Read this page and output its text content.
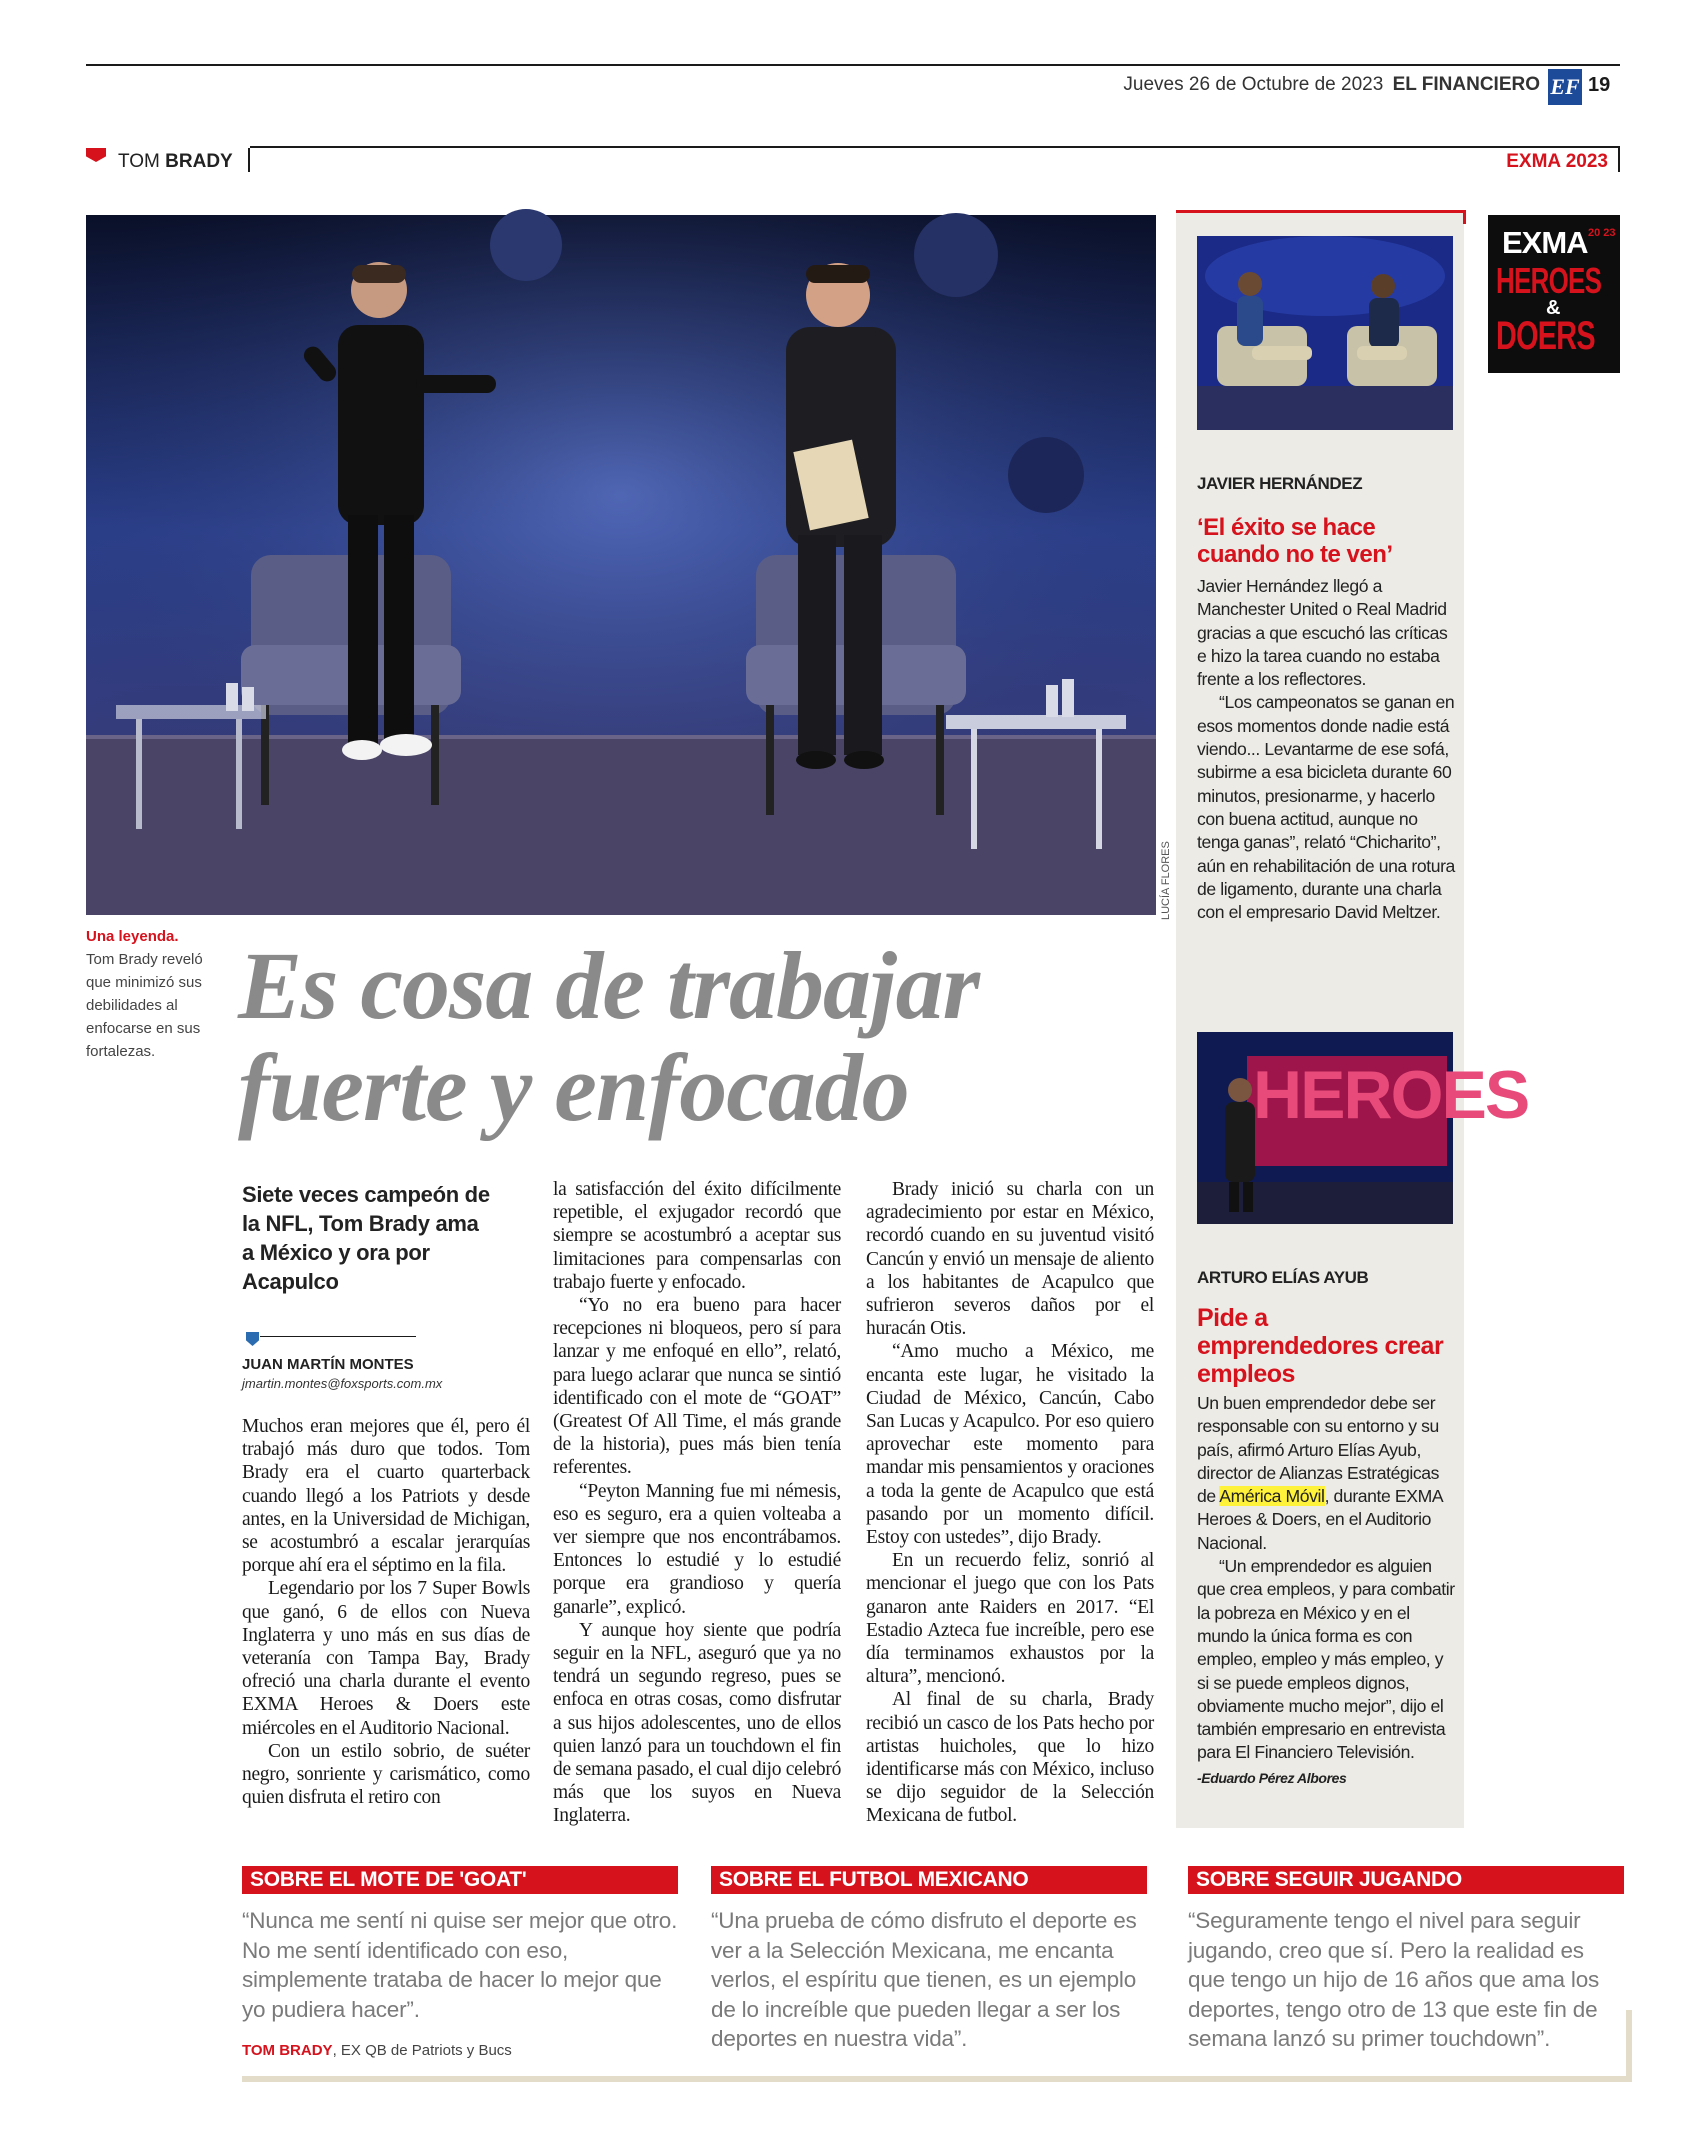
Jueves 26 de Octubre de 2023 EL FINANCIERO EF 19
TOM BRADY	EXMA 2023
LUCÍA FLORES
Una leyenda.
Tom Brady reveló que minimizó sus debilidades al enfocarse en sus fortalezas.
Es cosa de trabajar
fuerte y enfocado
Siete veces campeón de la NFL, Tom Brady ama a México y ora por Acapulco
JUAN MARTÍN MONTES
jmartin.montes@foxsports.com.mx

Muchos eran mejores que él, pero él trabajó más duro que todos. Tom Brady era el cuarto quarterback cuando llegó a los Patriots y desde antes, en la Universidad de Michigan, se acostumbró a escalar jerarquías porque ahí era el séptimo en la fila.

Legendario por los 7 Super Bowls que ganó, 6 de ellos con Nueva Inglaterra y uno más en sus días de veteranía con Tampa Bay, Brady ofreció una charla durante el evento EXMA Heroes & Doers este miércoles en el Auditorio Nacional.

Con un estilo sobrio, de suéter negro, sonriente y carismático, como quien disfruta el retiro con

la satisfacción del éxito difícilmente repetible, el exjugador recordó que siempre se acostumbró a aceptar sus limitaciones para compensarlas con trabajo fuerte y enfocado.

“Yo no era bueno para hacer recepciones ni bloqueos, pero sí para lanzar y me enfoqué en ello”, relató, para luego aclarar que nunca se sintió identificado con el mote de “GOAT” (Greatest Of All Time, el más grande de la historia), pues más bien tenía referentes.

“Peyton Manning fue mi némesis, eso es seguro, era a quien volteaba a ver siempre que nos encontrábamos. Entonces lo estudié y lo estudié porque era grandioso y quería ganarle”, explicó.

Y aunque hoy siente que podría seguir en la NFL, aseguró que ya no tendrá un segundo regreso, pues se enfoca en otras cosas, como disfrutar a sus hijos adolescentes, uno de ellos quien lanzó para un touchdown el fin de semana pasado, el cual dijo celebró más que los suyos en Nueva Inglaterra.

Brady inició su charla con un agradecimiento por estar en México, recordó cuando en su juventud visitó Cancún y envió un mensaje de aliento a los habitantes de Acapulco que sufrieron severos daños por el huracán Otis.

“Amo mucho a México, me encanta este lugar, he visitado la Ciudad de México, Cancún, Cabo San Lucas y Acapulco. Por eso quiero aprovechar este momento para mandar mis pensamientos y oraciones a toda la gente de Acapulco que está pasando por un momento difícil. Estoy con ustedes”, dijo Brady.

En un recuerdo feliz, sonrió al mencionar el juego que con los Pats ganaron ante Raiders en 2017. “El Estadio Azteca fue increíble, pero ese día terminamos exhaustos por la altura”, mencionó.

Al final de su charla, Brady recibió un casco de los Pats hecho por artistas huicholes, que lo hizo identificarse más con México, incluso se dijo seguidor de la Selección Mexicana de futbol.

EXMA 20 23
HEROES
&
DOERS
JAVIER HERNÁNDEZ
‘El éxito se hace cuando no te ven’

Javier Hernández llegó a Manchester United o Real Madrid gracias a que escuchó las críticas e hizo la tarea cuando no estaba frente a los reflectores.

“Los campeonatos se ganan en esos momentos donde nadie está viendo... Levantarme de ese sofá, subirme a esa bicicleta durante 60 minutos, presionarme, y hacerlo con buena actitud, aunque no tenga ganas”, relató “Chicharito”, aún en rehabilitación de una rotura de ligamento, durante una charla con el empresario David Meltzer.

HEROES
ARTURO ELÍAS AYUB
Pide a emprendedores crear empleos

Un buen emprendedor debe ser responsable con su entorno y su país, afirmó Arturo Elías Ayub, director de Alianzas Estratégicas de América Móvil, durante EXMA Heroes & Doers, en el Auditorio Nacional.

“Un emprendedor es alguien que crea empleos, y para combatir la pobreza en México y en el mundo la única forma es con empleo, empleo y más empleo, y si se puede empleos dignos, obviamente mucho mejor”, dijo el también empresario en entrevista para El Financiero Televisión.

-Eduardo Pérez Albores
SOBRE EL MOTE DE 'GOAT'
“Nunca me sentí ni quise ser mejor que otro. No me sentí identificado con eso, simplemente trataba de hacer lo mejor que yo pudiera hacer”.
SOBRE EL FUTBOL MEXICANO
“Una prueba de cómo disfruto el deporte es ver a la Selección Mexicana, me encanta verlos, el espíritu que tienen, es un ejemplo de lo increíble que pueden llegar a ser los deportes en nuestra vida”.
SOBRE SEGUIR JUGANDO
“Seguramente tengo el nivel para seguir jugando, creo que sí. Pero la realidad es que tengo un hijo de 16 años que ama los deportes, tengo otro de 13 que este fin de semana lanzó su primer touchdown”.
TOM BRADY, EX QB de Patriots y Bucs
